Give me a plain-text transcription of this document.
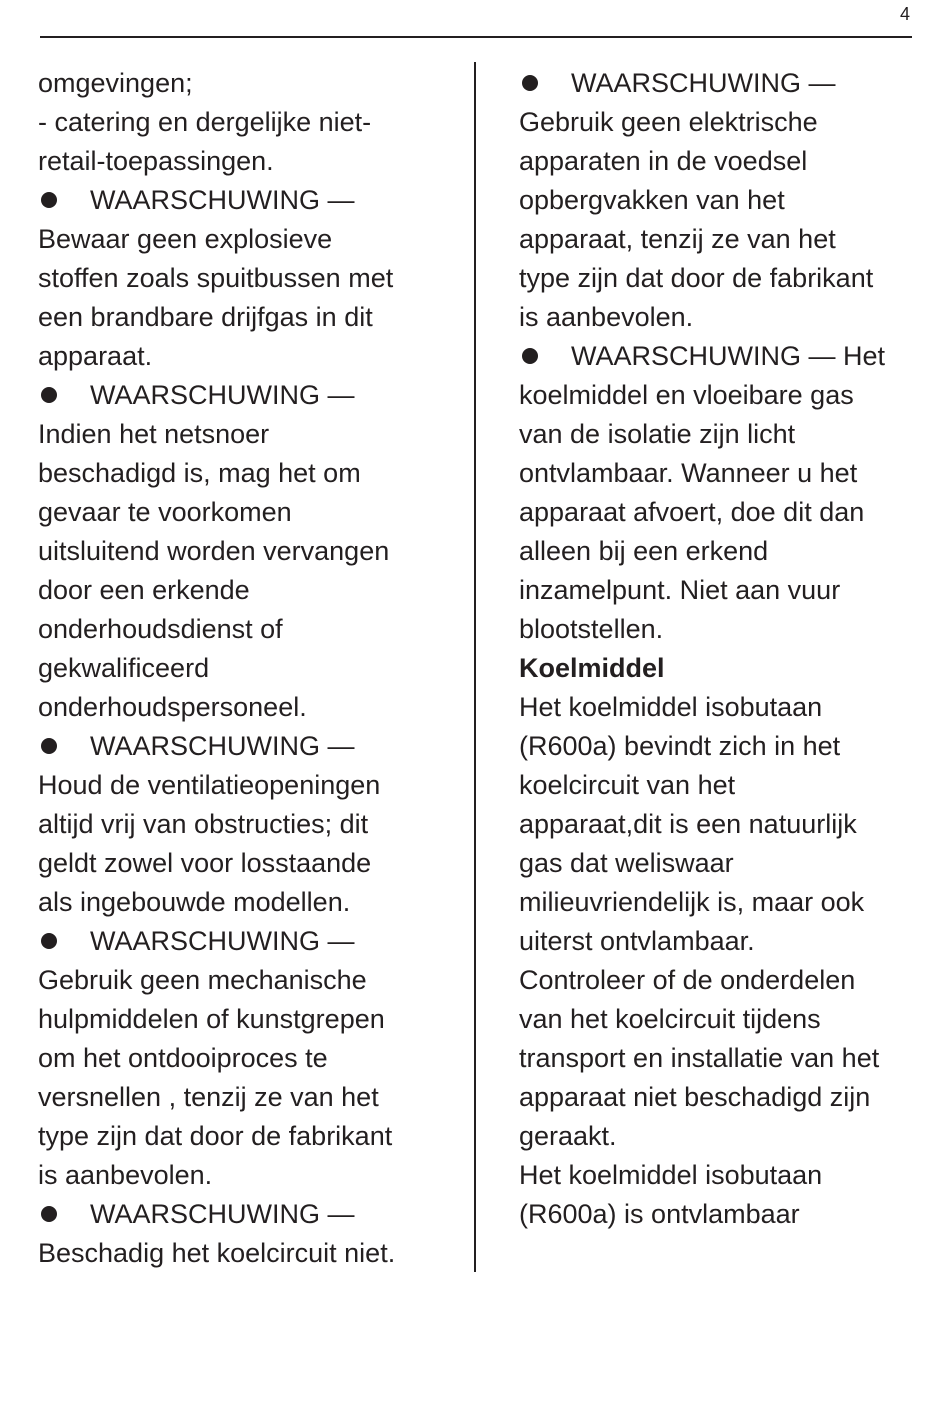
4
omgevingen;
- catering en dergelijke niet-
retail-toepassingen.
WAARSCHUWING —
Bewaar geen explosieve
stoffen zoals spuitbussen met
een brandbare drijfgas in dit
apparaat.
WAARSCHUWING —
Indien het netsnoer
beschadigd is, mag het om
gevaar te voorkomen
uitsluitend worden vervangen
door een erkende
onderhoudsdienst of
gekwalificeerd
onderhoudspersoneel.
WAARSCHUWING —
Houd de ventilatieopeningen
altijd vrij van obstructies; dit
geldt zowel voor losstaande
als ingebouwde modellen.
WAARSCHUWING —
Gebruik geen mechanische
hulpmiddelen of kunstgrepen
om het ontdooiproces te
versnellen , tenzij ze van het
type zijn dat door de fabrikant
is aanbevolen.
WAARSCHUWING —
Beschadig het koelcircuit niet.
WAARSCHUWING —
Gebruik geen elektrische
apparaten in de voedsel
opbergvakken van het
apparaat, tenzij ze van het
type zijn dat door de fabrikant
is aanbevolen.
WAARSCHUWING — Het
koelmiddel en vloeibare gas
van de isolatie zijn licht
ontvlambaar. Wanneer u het
apparaat afvoert, doe dit dan
alleen bij een erkend
inzamelpunt. Niet aan vuur
blootstellen.
Koelmiddel
Het koelmiddel isobutaan
(R600a) bevindt zich in het
koelcircuit van het
apparaat,dit is een natuurlijk
gas dat weliswaar
milieuvriendelijk is, maar ook
uiterst ontvlambaar.
Controleer of de onderdelen
van het koelcircuit tijdens
transport en installatie van het
apparaat niet beschadigd zijn
geraakt.
Het koelmiddel isobutaan
(R600a) is ontvlambaar
